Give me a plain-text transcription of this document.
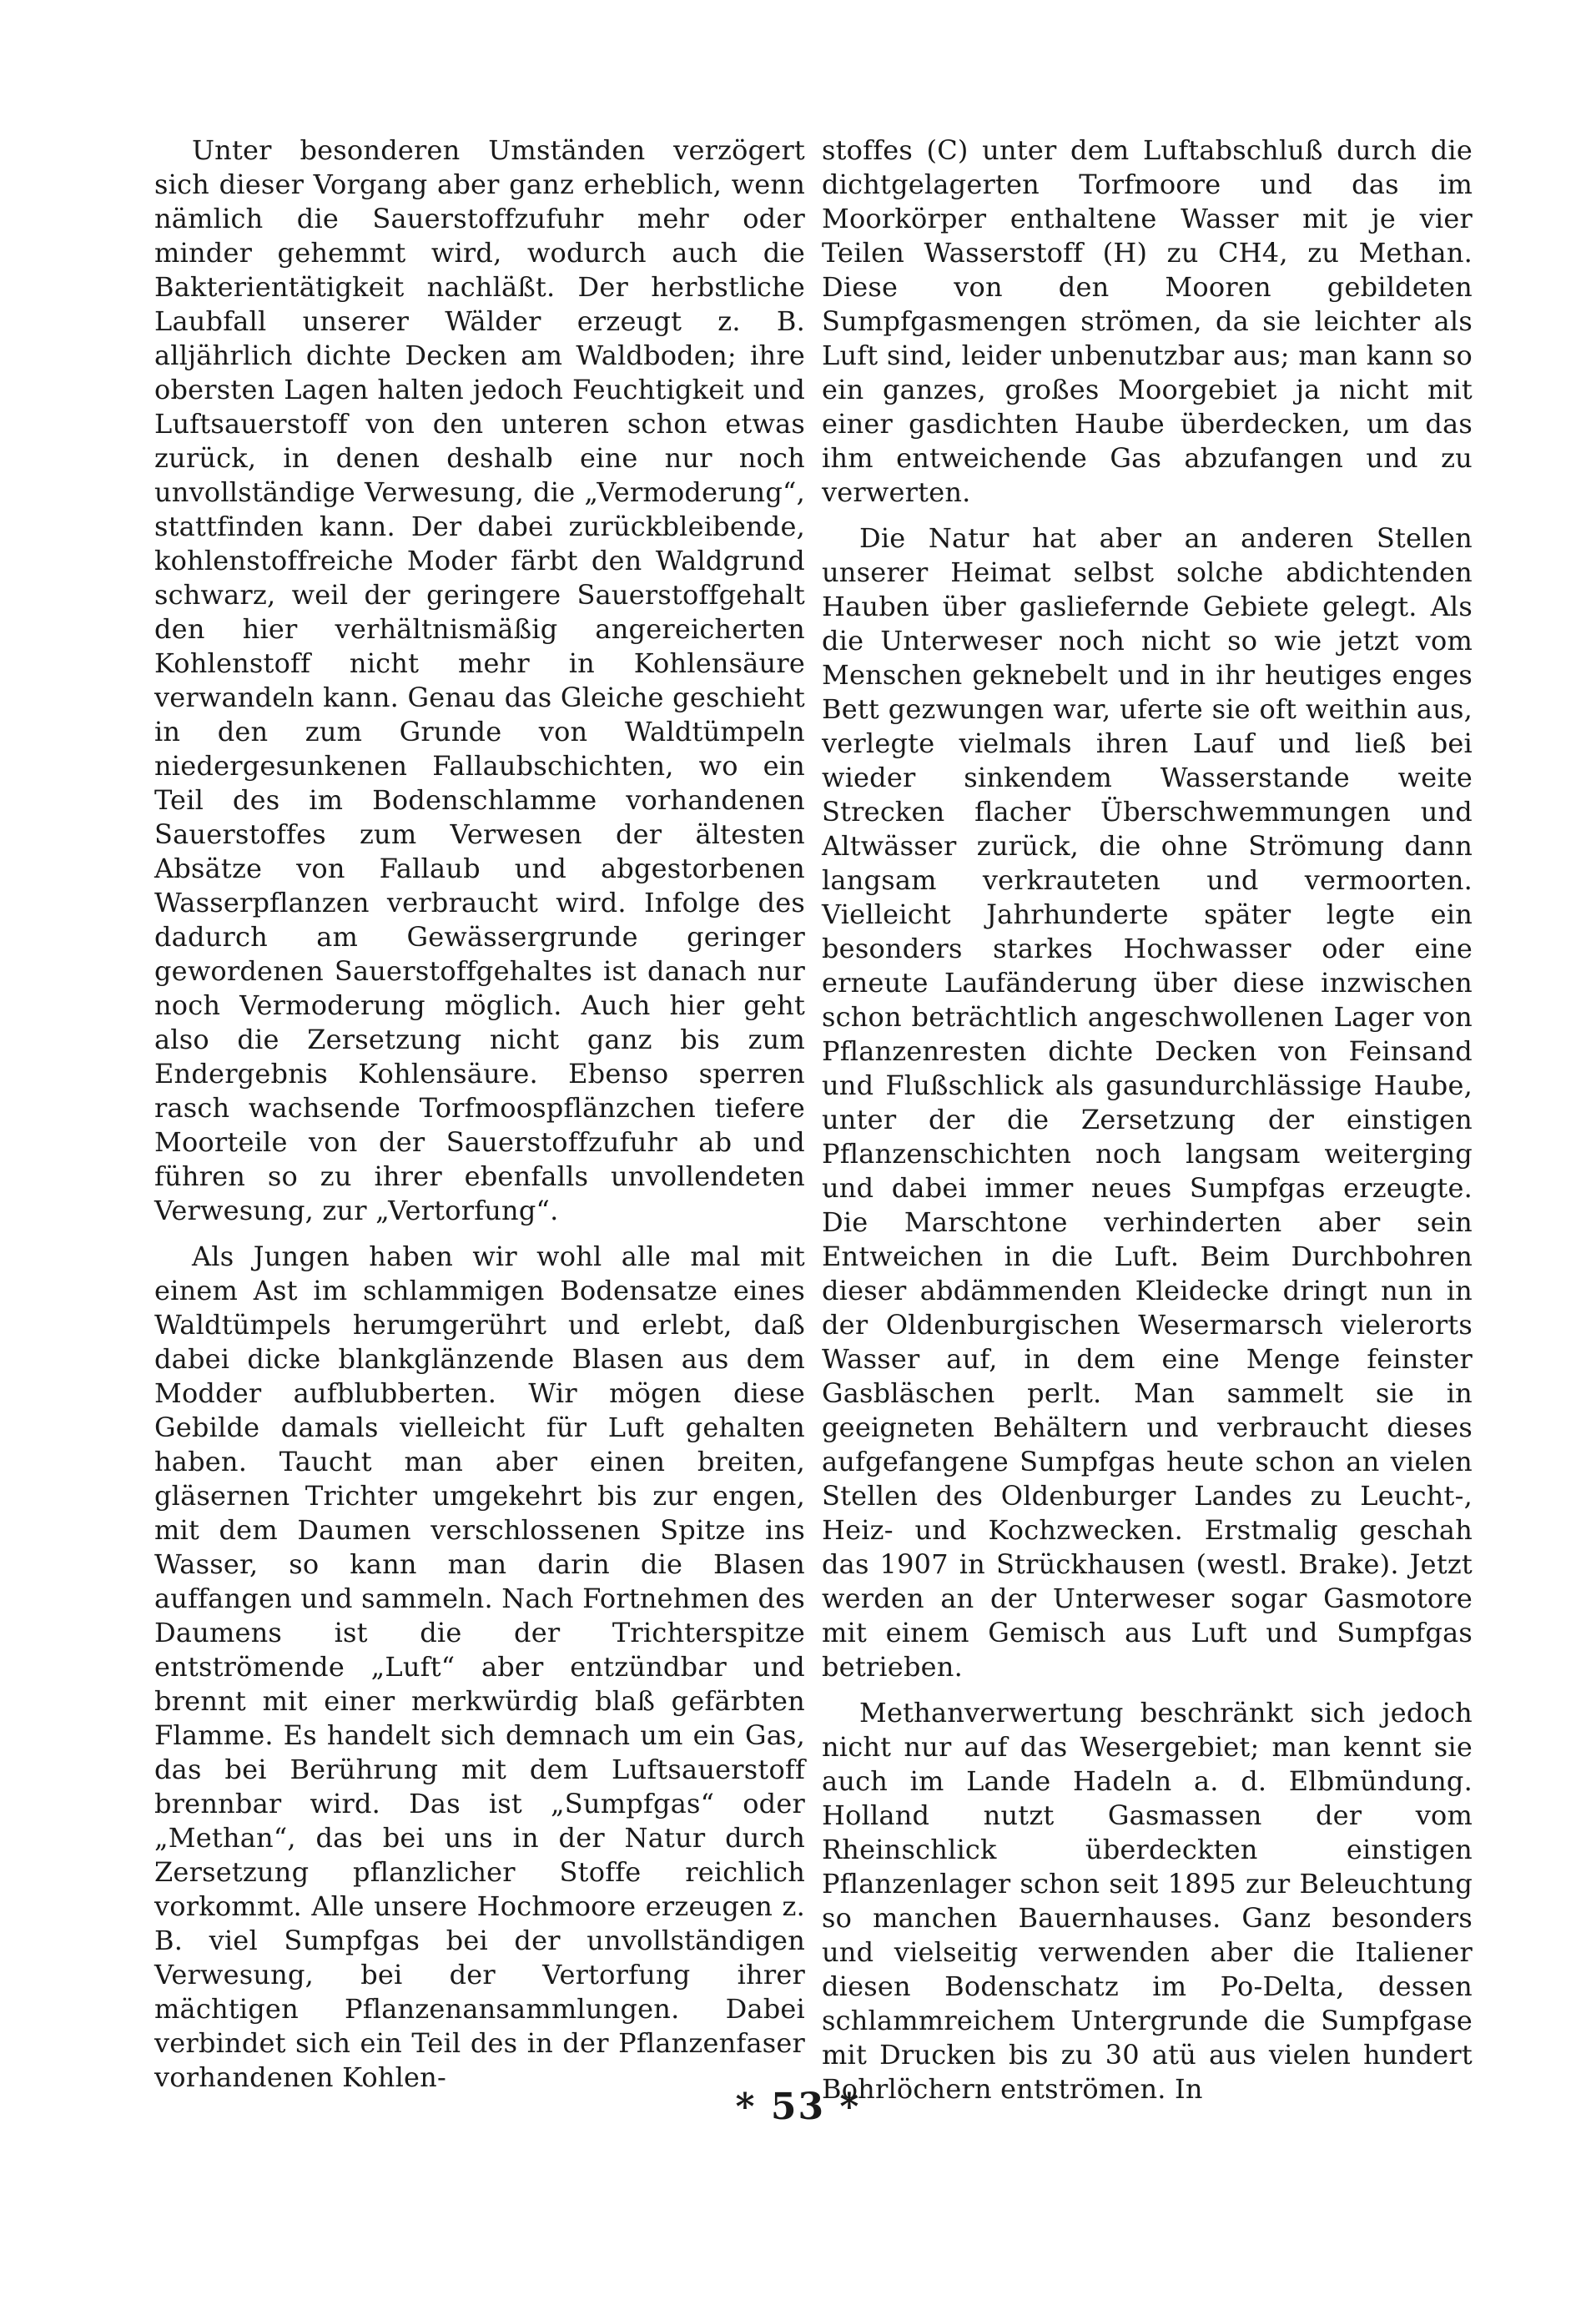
Unter besonderen Umständen verzögert sich dieser Vorgang aber ganz erheblich, wenn nämlich die Sauerstoffzufuhr mehr oder minder gehemmt wird, wodurch auch die Bakterientätigkeit nachläßt. Der herbstliche Laubfall unserer Wälder erzeugt z. B. alljährlich dichte Decken am Waldboden; ihre obersten Lagen halten jedoch Feuchtigkeit und Luftsauerstoff von den unteren schon etwas zurück, in denen deshalb eine nur noch unvollständige Verwesung, die „Vermoderung“, stattfinden kann. Der dabei zurückbleibende, kohlenstoffreiche Moder färbt den Waldgrund schwarz, weil der geringere Sauerstoffgehalt den hier verhältnismäßig angereicherten Kohlenstoff nicht mehr in Kohlensäure verwandeln kann. Genau das Gleiche geschieht in den zum Grunde von Waldtümpeln niedergesunkenen Fallaubschichten, wo ein Teil des im Bodenschlamme vorhandenen Sauerstoffes zum Verwesen der ältesten Absätze von Fallaub und abgestorbenen Wasserpflanzen verbraucht wird. Infolge des dadurch am Gewässergrunde geringer gewordenen Sauerstoffgehaltes ist danach nur noch Vermoderung möglich. Auch hier geht also die Zersetzung nicht ganz bis zum Endergebnis Kohlensäure. Ebenso sperren rasch wachsende Torfmoospflänzchen tiefere Moorteile von der Sauerstoffzufuhr ab und führen so zu ihrer ebenfalls unvollendeten Verwesung, zur „Vertorfung“.

Als Jungen haben wir wohl alle mal mit einem Ast im schlammigen Bodensatze eines Waldtümpels herumgerührt und erlebt, daß dabei dicke blankglänzende Blasen aus dem Modder aufblubberten. Wir mögen diese Gebilde damals vielleicht für Luft gehalten haben. Taucht man aber einen breiten, gläsernen Trichter umgekehrt bis zur engen, mit dem Daumen verschlossenen Spitze ins Wasser, so kann man darin die Blasen auffangen und sammeln. Nach Fortnehmen des Daumens ist die der Trichterspitze entströmende „Luft“ aber entzündbar und brennt mit einer merkwürdig blaß gefärbten Flamme. Es handelt sich demnach um ein Gas, das bei Berührung mit dem Luftsauerstoff brennbar wird. Das ist „Sumpfgas“ oder „Methan“, das bei uns in der Natur durch Zersetzung pflanzlicher Stoffe reichlich vorkommt. Alle unsere Hochmoore erzeugen z. B. viel Sumpfgas bei der unvollständigen Verwesung, bei der Vertorfung ihrer mächtigen Pflanzenansammlungen. Dabei verbindet sich ein Teil des in der Pflanzenfaser vorhandenen Kohlen-

stoffes (C) unter dem Luftabschluß durch die dichtgelagerten Torfmoore und das im Moorkörper enthaltene Wasser mit je vier Teilen Wasserstoff (H) zu CH4, zu Methan. Diese von den Mooren gebildeten Sumpfgasmengen strömen, da sie leichter als Luft sind, leider unbenutzbar aus; man kann so ein ganzes, großes Moorgebiet ja nicht mit einer gasdichten Haube überdecken, um das ihm entweichende Gas abzufangen und zu verwerten.

Die Natur hat aber an anderen Stellen unserer Heimat selbst solche abdichtenden Hauben über gasliefernde Gebiete gelegt. Als die Unterweser noch nicht so wie jetzt vom Menschen geknebelt und in ihr heutiges enges Bett gezwungen war, uferte sie oft weithin aus, verlegte vielmals ihren Lauf und ließ bei wieder sinkendem Wasserstande weite Strecken flacher Überschwemmungen und Altwässer zurück, die ohne Strömung dann langsam verkrauteten und vermoorten. Vielleicht Jahrhunderte später legte ein besonders starkes Hochwasser oder eine erneute Laufänderung über diese inzwischen schon beträchtlich angeschwollenen Lager von Pflanzenresten dichte Decken von Feinsand und Flußschlick als gasundurchlässige Haube, unter der die Zersetzung der einstigen Pflanzenschichten noch langsam weiterging und dabei immer neues Sumpfgas erzeugte. Die Marschtone verhinderten aber sein Entweichen in die Luft. Beim Durchbohren dieser abdämmenden Kleidecke dringt nun in der Oldenburgischen Wesermarsch vielerorts Wasser auf, in dem eine Menge feinster Gasbläschen perlt. Man sammelt sie in geeigneten Behältern und verbraucht dieses aufgefangene Sumpfgas heute schon an vielen Stellen des Oldenburger Landes zu Leucht-, Heiz- und Kochzwecken. Erstmalig geschah das 1907 in Strückhausen (westl. Brake). Jetzt werden an der Unterweser sogar Gasmotore mit einem Gemisch aus Luft und Sumpfgas betrieben.

Methanverwertung beschränkt sich jedoch nicht nur auf das Wesergebiet; man kennt sie auch im Lande Hadeln a. d. Elbmündung. Holland nutzt Gasmassen der vom Rheinschlick überdeckten einstigen Pflanzenlager schon seit 1895 zur Beleuchtung so manchen Bauernhauses. Ganz besonders und vielseitig verwenden aber die Italiener diesen Bodenschatz im Po-Delta, dessen schlammreichem Untergrunde die Sumpfgase mit Drucken bis zu 30 atü aus vielen hundert Bohrlöchern entströmen. In

* 53 *
